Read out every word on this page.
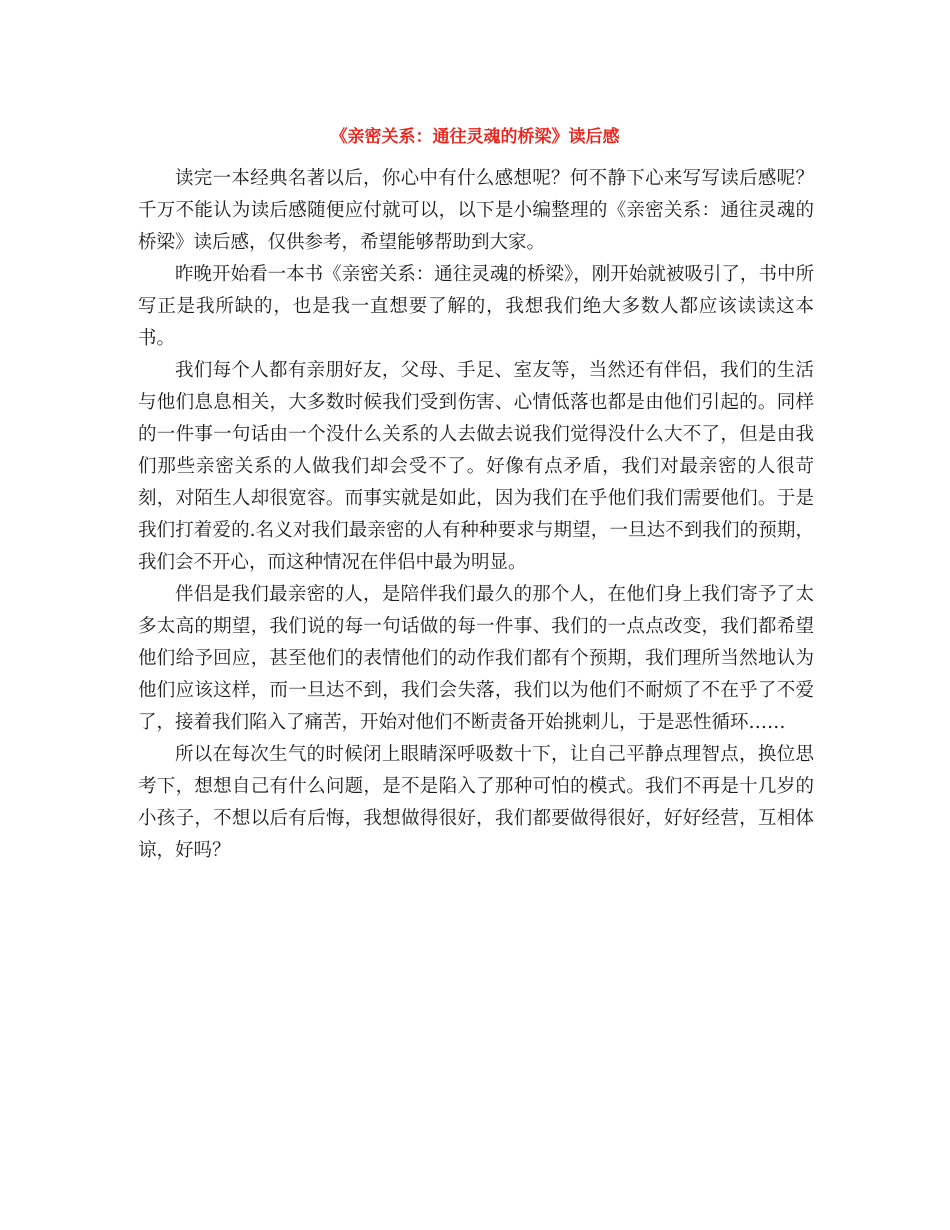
《亲密关系：通往灵魂的桥梁》读后感

读完一本经典名著以后，你心中有什么感想呢？何不静下心来写写读后感呢？千万不能认为读后感随便应付就可以，以下是小编整理的《亲密关系：通往灵魂的桥梁》读后感，仅供参考，希望能够帮助到大家。

昨晚开始看一本书《亲密关系：通往灵魂的桥梁》，刚开始就被吸引了，书中所写正是我所缺的，也是我一直想要了解的，我想我们绝大多数人都应该读读这本书。

我们每个人都有亲朋好友，父母、手足、室友等，当然还有伴侣，我们的生活与他们息息相关，大多数时候我们受到伤害、心情低落也都是由他们引起的。同样的一件事一句话由一个没什么关系的人去做去说我们觉得没什么大不了，但是由我们那些亲密关系的人做我们却会受不了。好像有点矛盾，我们对最亲密的人很苛刻，对陌生人却很宽容。而事实就是如此，因为我们在乎他们我们需要他们。于是我们打着爱的.名义对我们最亲密的人有种种要求与期望，一旦达不到我们的预期，我们会不开心，而这种情况在伴侣中最为明显。

伴侣是我们最亲密的人，是陪伴我们最久的那个人，在他们身上我们寄予了太多太高的期望，我们说的每一句话做的每一件事、我们的一点点改变，我们都希望他们给予回应，甚至他们的表情他们的动作我们都有个预期，我们理所当然地认为他们应该这样，而一旦达不到，我们会失落，我们以为他们不耐烦了不在乎了不爱了，接着我们陷入了痛苦，开始对他们不断责备开始挑刺儿，于是恶性循环……

所以在每次生气的时候闭上眼睛深呼吸数十下，让自己平静点理智点，换位思考下，想想自己有什么问题，是不是陷入了那种可怕的模式。我们不再是十几岁的小孩子，不想以后有后悔，我想做得很好，我们都要做得很好，好好经营，互相体谅，好吗？
